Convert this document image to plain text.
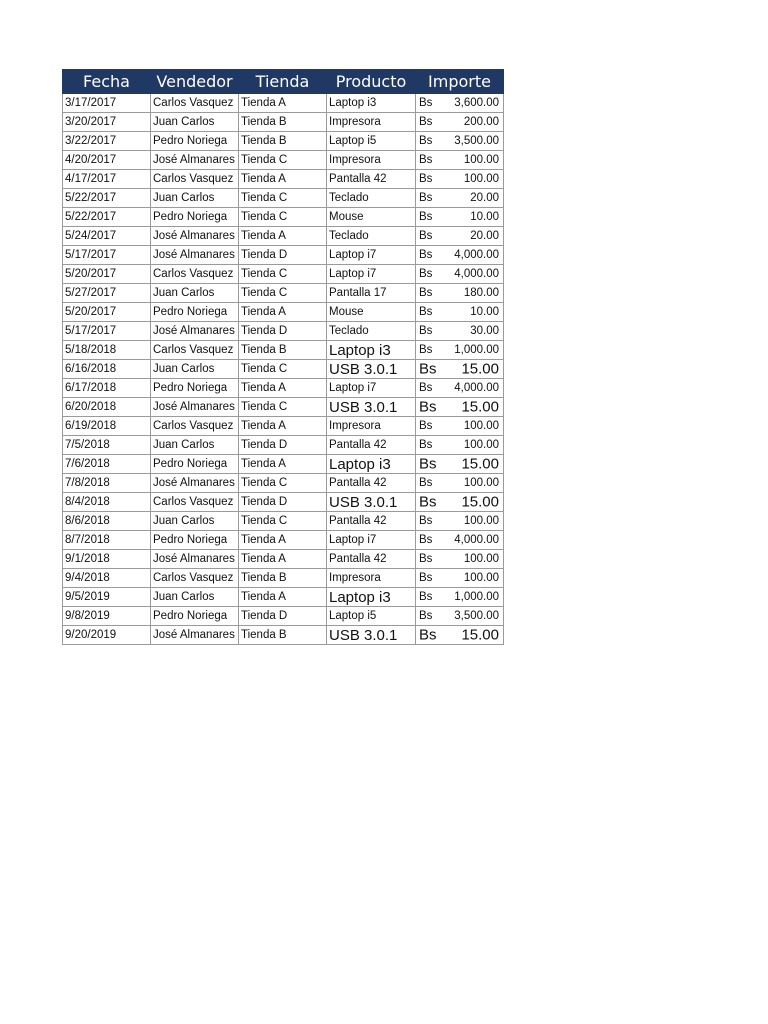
Fecha	Vendedor	Tienda	Producto	Importe
3/17/2017	Carlos Vasquez	Tienda A	Laptop i3	Bs 3,600.00

3/20/2017	Juan Carlos	Tienda B	Impresora	Bs 200.00

3/22/2017	Pedro Noriega	Tienda B	Laptop i5	Bs 3,500.00

4/20/2017	José Almanares	Tienda C	Impresora	Bs 100.00

4/17/2017	Carlos Vasquez	Tienda A	Pantalla 42	Bs 100.00

5/22/2017	Juan Carlos	Tienda C	Teclado	Bs 20.00

5/22/2017	Pedro Noriega	Tienda C	Mouse	Bs 10.00

5/24/2017	José Almanares	Tienda A	Teclado	Bs 20.00

5/17/2017	José Almanares	Tienda D	Laptop i7	Bs 4,000.00

5/20/2017	Carlos Vasquez	Tienda C	Laptop i7	Bs 4,000.00

5/27/2017	Juan Carlos	Tienda C	Pantalla 17	Bs 180.00

5/20/2017	Pedro Noriega	Tienda A	Mouse	Bs 10.00

5/17/2017	José Almanares	Tienda D	Teclado	Bs 30.00

5/18/2018	Carlos Vasquez	Tienda B	Laptop i3	Bs 1,000.00

6/16/2018	Juan Carlos	Tienda C	USB 3.0.1	Bs 15.00

6/17/2018	Pedro Noriega	Tienda A	Laptop i7	Bs 4,000.00

6/20/2018	José Almanares	Tienda C	USB 3.0.1	Bs 15.00

6/19/2018	Carlos Vasquez	Tienda A	Impresora	Bs 100.00

7/5/2018	Juan Carlos	Tienda D	Pantalla 42	Bs 100.00

7/6/2018	Pedro Noriega	Tienda A	Laptop i3	Bs 15.00

7/8/2018	José Almanares	Tienda C	Pantalla 42	Bs 100.00

8/4/2018	Carlos Vasquez	Tienda D	USB 3.0.1	Bs 15.00

8/6/2018	Juan Carlos	Tienda C	Pantalla 42	Bs 100.00

8/7/2018	Pedro Noriega	Tienda A	Laptop i7	Bs 4,000.00

9/1/2018	José Almanares	Tienda A	Pantalla 42	Bs 100.00

9/4/2018	Carlos Vasquez	Tienda B	Impresora	Bs 100.00

9/5/2019	Juan Carlos	Tienda A	Laptop i3	Bs 1,000.00

9/8/2019	Pedro Noriega	Tienda D	Laptop i5	Bs 3,500.00

9/20/2019	José Almanares	Tienda B	USB 3.0.1	Bs 15.00
